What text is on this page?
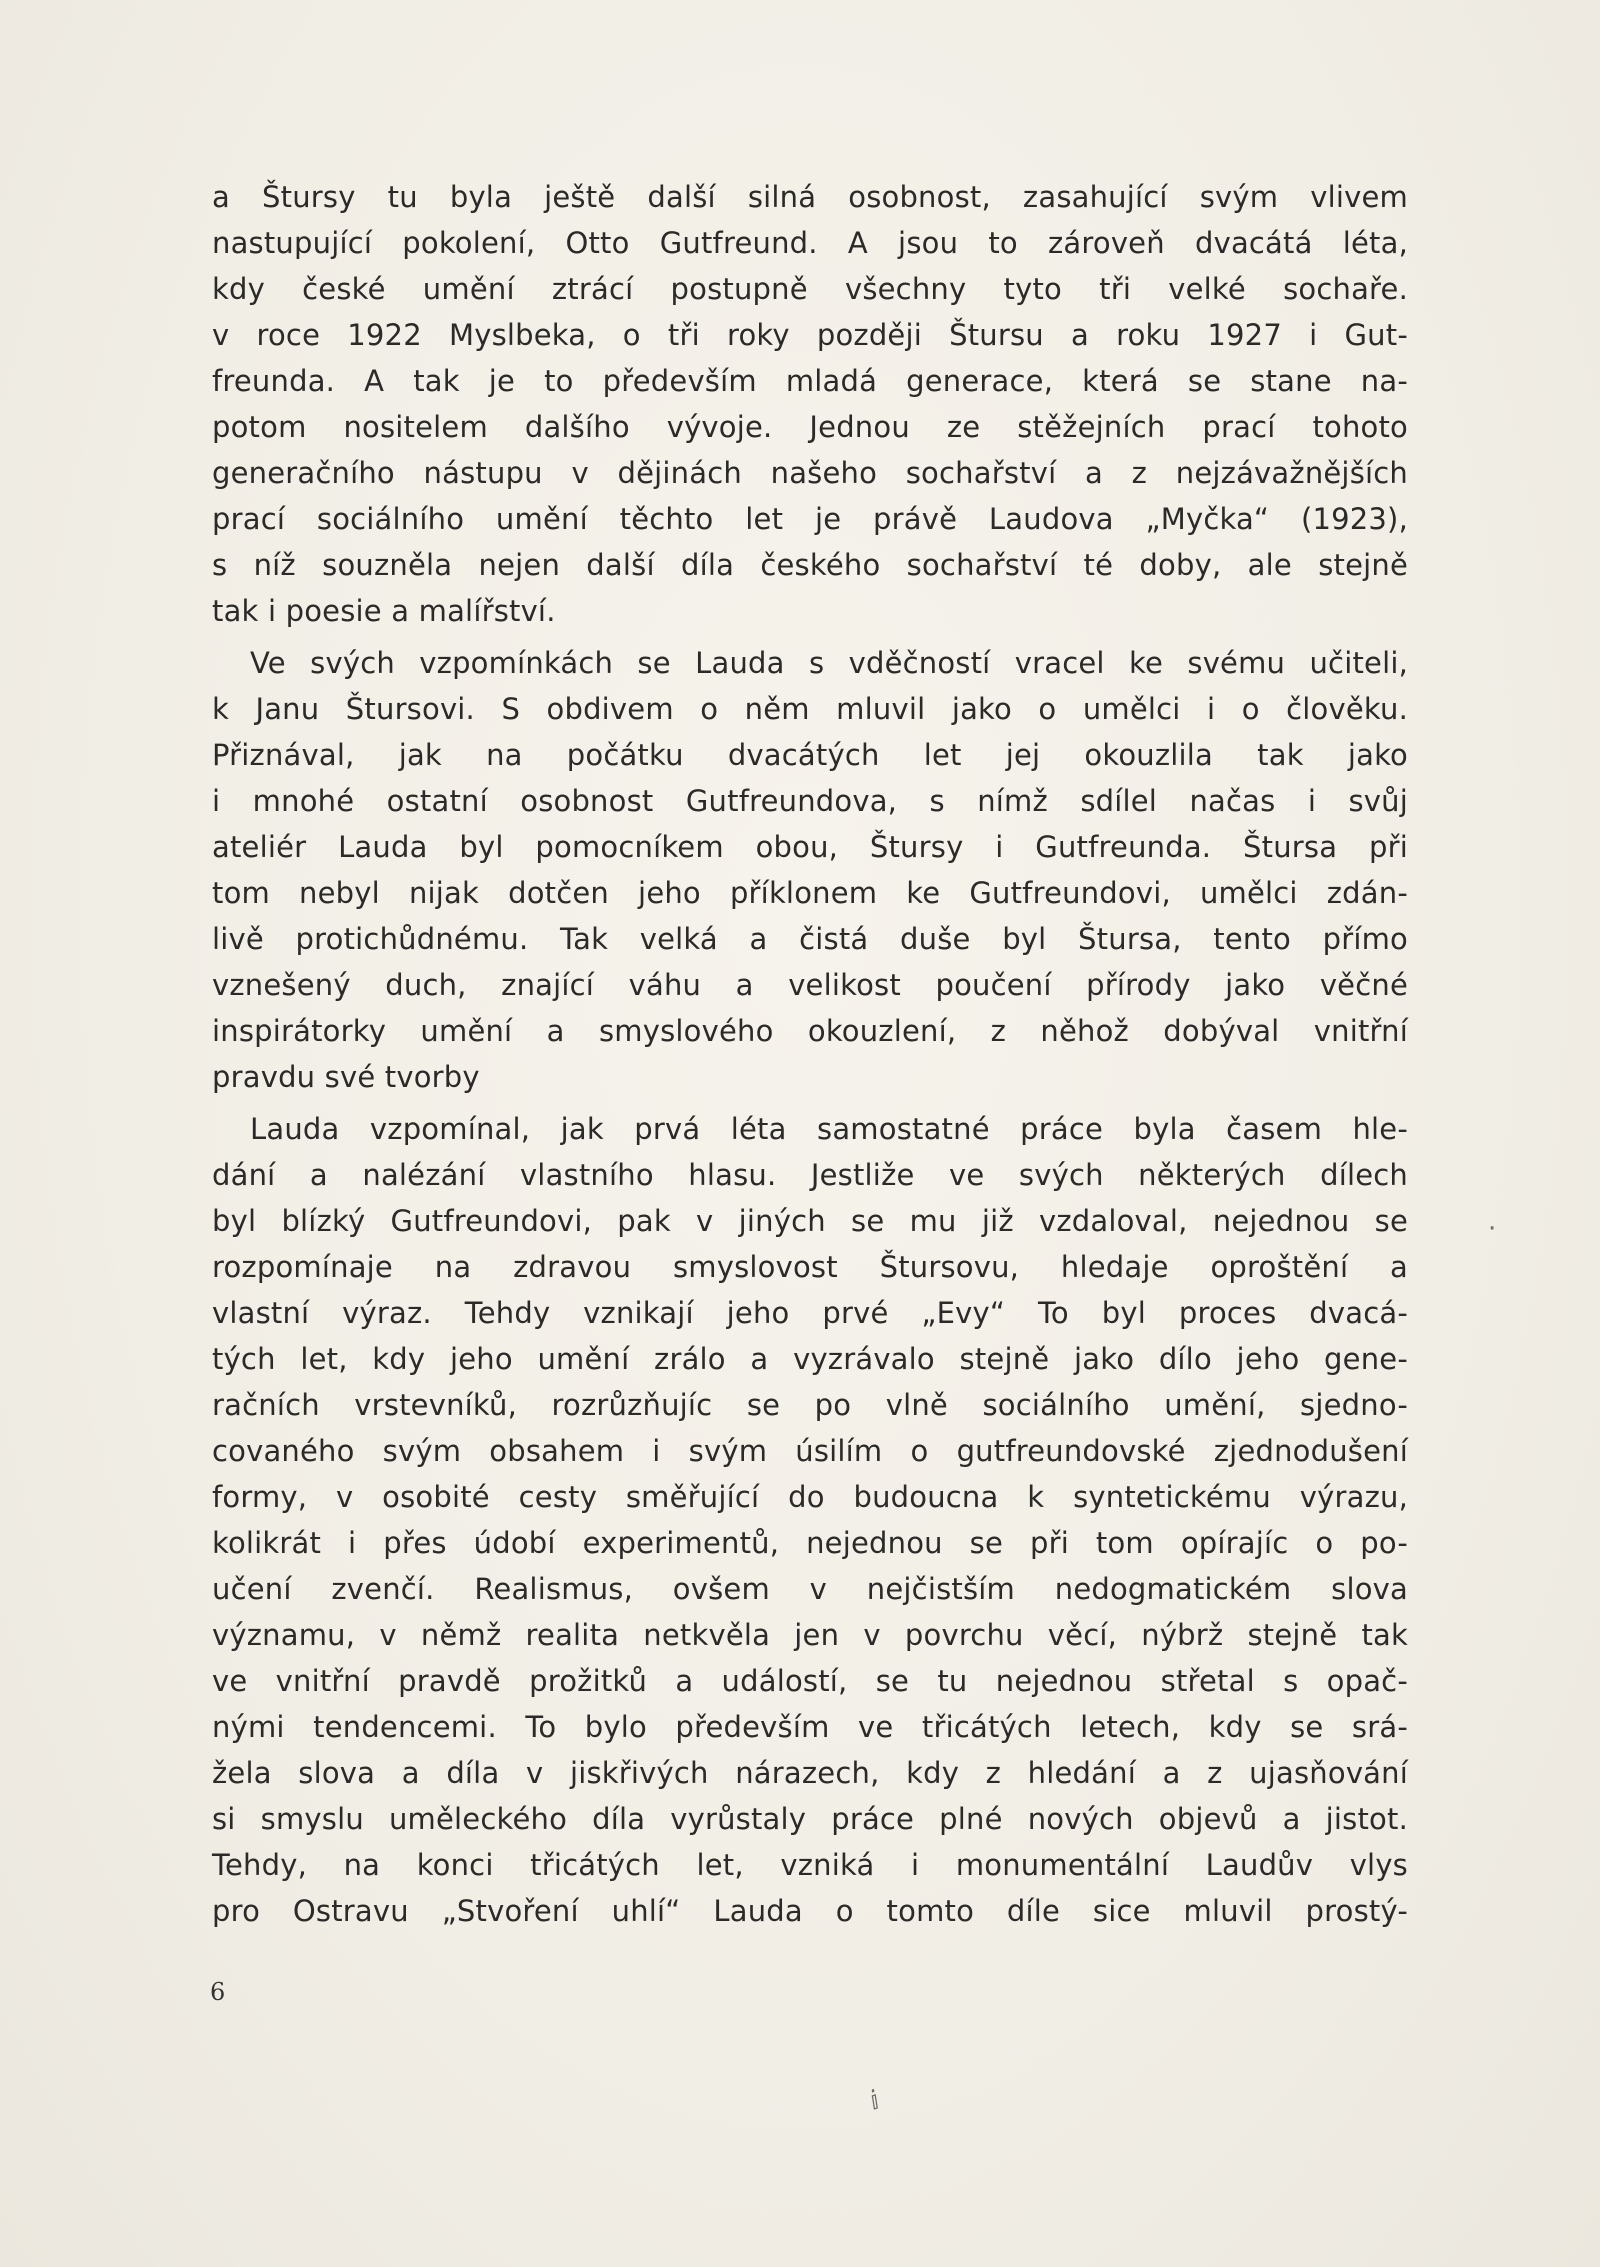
a Štursy tu byla ještě další silná osobnost, zasahující svým vlivem
nastupující pokolení, Otto Gutfreund. A jsou to zároveň dvacátá léta,
kdy české umění ztrácí postupně všechny tyto tři velké sochaře.
v roce 1922 Myslbeka, o tři roky později Štursu a roku 1927 i Gut-
freunda. A tak je to především mladá generace, která se stane na-
potom nositelem dalšího vývoje. Jednou ze stěžejních prací tohoto
generačního nástupu v dějinách našeho sochařství a z nejzávažnějších
prací sociálního umění těchto let je právě Laudova „Myčka“ (1923),
s níž souzněla nejen další díla českého sochařství té doby, ale stejně
tak i poesie a malířství.
Ve svých vzpomínkách se Lauda s vděčností vracel ke svému učiteli,
k Janu Štursovi. S obdivem o něm mluvil jako o umělci i o člověku.
Přiznával, jak na počátku dvacátých let jej okouzlila tak jako
i mnohé ostatní osobnost Gutfreundova, s nímž sdílel načas i svůj
ateliér Lauda byl pomocníkem obou, Štursy i Gutfreunda. Štursa při
tom nebyl nijak dotčen jeho příklonem ke Gutfreundovi, umělci zdán-
livě protichůdnému. Tak velká a čistá duše byl Štursa, tento přímo
vznešený duch, znající váhu a velikost poučení přírody jako věčné
inspirátorky umění a smyslového okouzlení, z něhož dobýval vnitřní
pravdu své tvorby
Lauda vzpomínal, jak prvá léta samostatné práce byla časem hle-
dání a nalézání vlastního hlasu. Jestliže ve svých některých dílech
byl blízký Gutfreundovi, pak v jiných se mu již vzdaloval, nejednou se
rozpomínaje na zdravou smyslovost Štursovu, hledaje oproštění a
vlastní výraz. Tehdy vznikají jeho prvé „Evy“ To byl proces dvacá-
tých let, kdy jeho umění zrálo a vyzrávalo stejně jako dílo jeho gene-
račních vrstevníků, rozrůzňujíc se po vlně sociálního umění, sjedno-
covaného svým obsahem i svým úsilím o gutfreundovské zjednodušení
formy, v osobité cesty směřující do budoucna k syntetickému výrazu,
kolikrát i přes údobí experimentů, nejednou se při tom opírajíc o po-
učení zvenčí. Realismus, ovšem v nejčistším nedogmatickém slova
významu, v němž realita netkvěla jen v povrchu věcí, nýbrž stejně tak
ve vnitřní pravdě prožitků a událostí, se tu nejednou střetal s opač-
nými tendencemi. To bylo především ve třicátých letech, kdy se srá-
žela slova a díla v jiskřivých nárazech, kdy z hledání a z ujasňování
si smyslu uměleckého díla vyrůstaly práce plné nových objevů a jistot.
Tehdy, na konci třicátých let, vzniká i monumentální Laudův vlys
pro Ostravu „Stvoření uhlí“ Lauda o tomto díle sice mluvil prostý-
6
·
ⅈ
